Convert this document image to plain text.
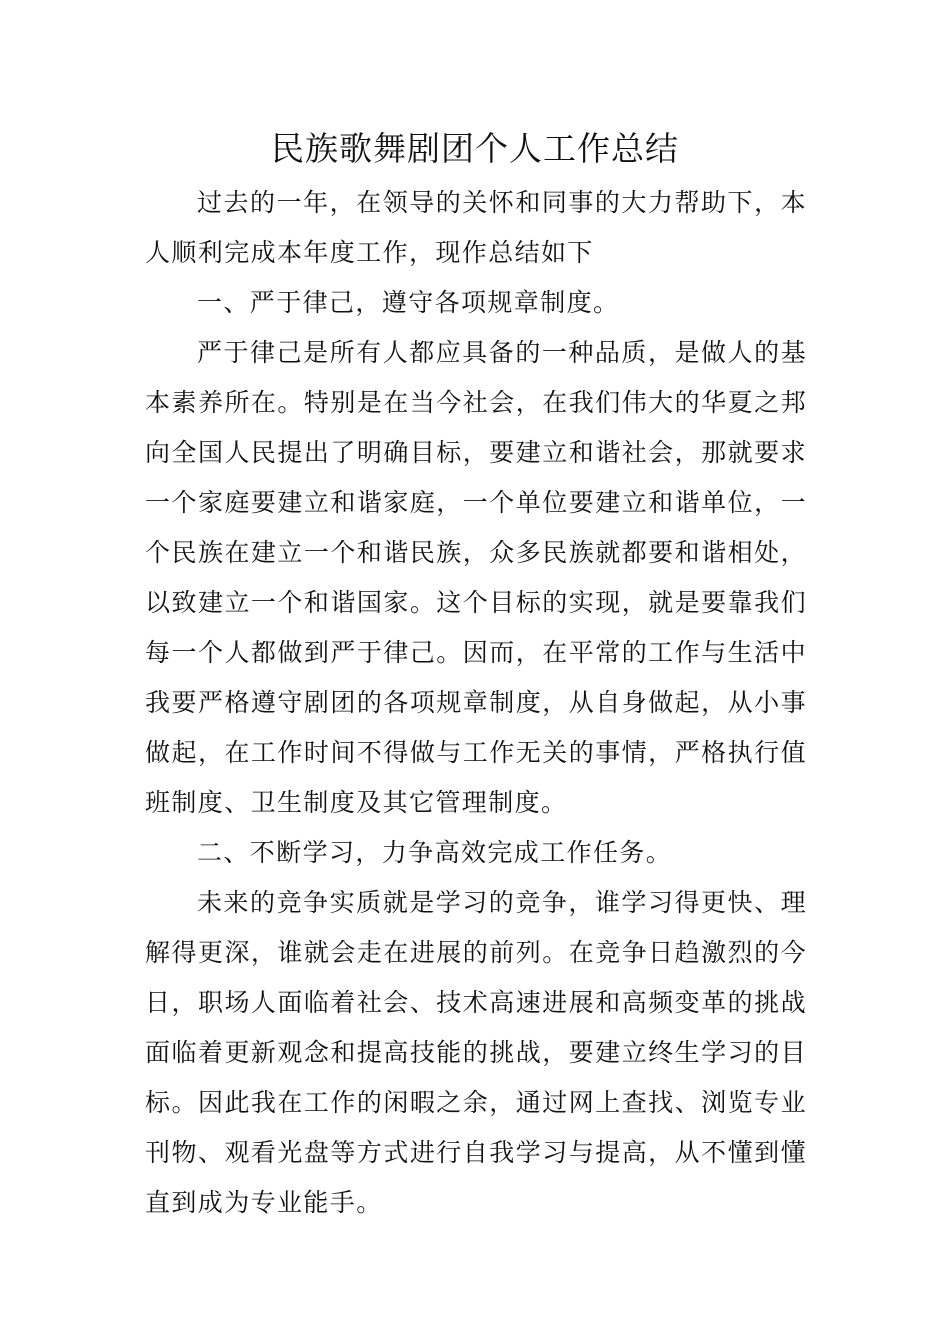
民族歌舞剧团个人工作总结

过去的一年，在领导的关怀和同事的大力帮助下，本人顺利完成本年度工作，现作总结如下

一、严于律己，遵守各项规章制度。

严于律己是所有人都应具备的一种品质，是做人的基本素养所在。特别是在当今社会，在我们伟大的华夏之邦向全国人民提出了明确目标，要建立和谐社会，那就要求一个家庭要建立和谐家庭，一个单位要建立和谐单位，一个民族在建立一个和谐民族，众多民族就都要和谐相处，以致建立一个和谐国家。这个目标的实现，就是要靠我们每一个人都做到严于律己。因而，在平常的工作与生活中我要严格遵守剧团的各项规章制度，从自身做起，从小事做起，在工作时间不得做与工作无关的事情，严格执行值班制度、卫生制度及其它管理制度。

二、不断学习，力争高效完成工作任务。

未来的竞争实质就是学习的竞争，谁学习得更快、理解得更深，谁就会走在进展的前列。在竞争日趋激烈的今日，职场人面临着社会、技术高速进展和高频变革的挑战面临着更新观念和提高技能的挑战，要建立终生学习的目标。因此我在工作的闲暇之余，通过网上查找、浏览专业刊物、观看光盘等方式进行自我学习与提高，从不懂到懂直到成为专业能手。
